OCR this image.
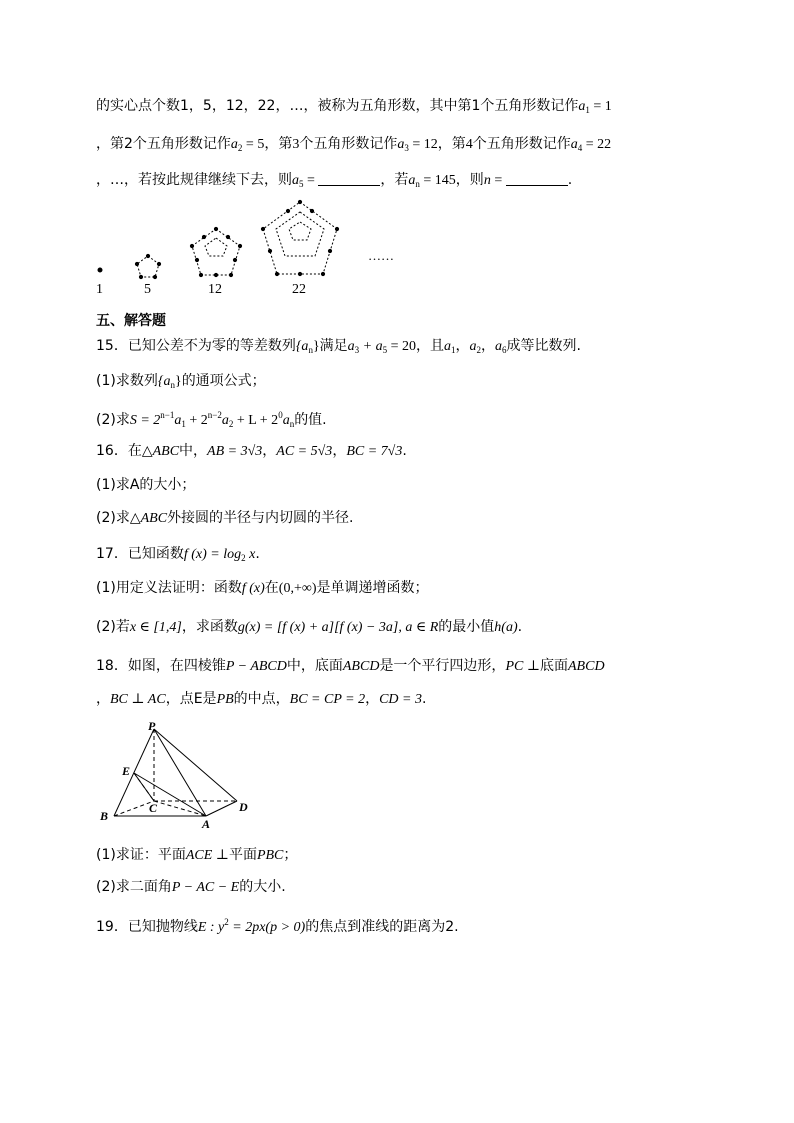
的实心点个数1，5，12，22，…，被称为五角形数，其中第1个五角形数记作$a_1 = 1$
，第2个五角形数记作$a_2 = 5$，第3个五角形数记作$a_3 = 12$，第4个五角形数记作$a_4 = 22$
，…，若按此规律继续下去，则$a_5$ =	，若$a_n = 145$，则n =	.
……
1	5	12	22
五、解答题
15．已知公差不为零的等差数列$\{a_n\}$满足$a_3 + a_5 = 20$，且$a_1$，$a_2$，$a_6$成等比数列.
(1)求数列$\{a_n\}$的通项公式；
(2)求$S = 2^{n-1}a_1 + 2^{n-2}a_2 + L + 2^0a_n$的值.
16．在△ABC中，AB = 3√3，AC = 5√3，BC = 7√3.
(1)求A的大小；
(2)求△ABC外接圆的半径与内切圆的半径.
17．已知函数f $(x) = \log_2 x$.
(1)用定义法证明：函数f (x)在(0,+∞)是单调递增函数；
(2)若x ∈ [1,4]，求函数g(x) = [f (x) + a][f (x) − 3a], a ∈ R的最小值h(a).
18．如图，在四棱锥P − ABCD中，底面ABCD是一个平行四边形，PC ⊥底面ABCD
，BC ⊥ AC，点E是PB的中点，BC = CP = 2，CD = 3.
P
E
C	D
B
A
(1)求证：平面ACE ⊥平面PBC；
(2)求二面角P − AC − E的大小.
19．已知抛物线E : $y^2 = 2px(p > 0)$的焦点到准线的距离为2.
